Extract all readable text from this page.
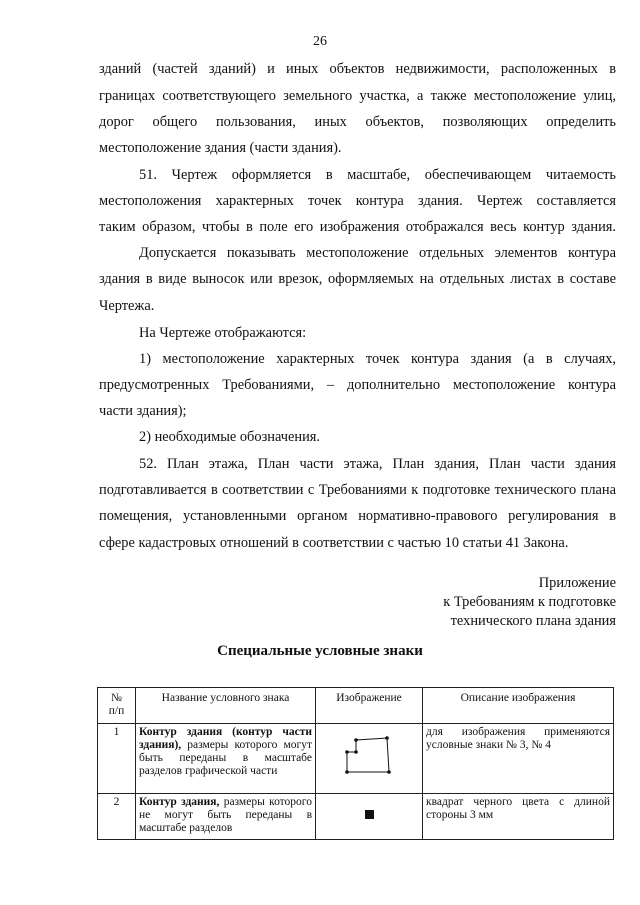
26
зданий (частей зданий) и иных объектов недвижимости, расположенных в
границах соответствующего земельного участка, а также местоположение улиц,
дорог общего пользования, иных объектов, позволяющих определить
местоположение здания (части здания).
51. Чертеж оформляется в масштабе, обеспечивающем читаемость
местоположения характерных точек контура здания. Чертеж составляется
таким образом, чтобы в поле его изображения отображался весь контур здания.
Допускается показывать местоположение отдельных элементов контура
здания в виде выносок или врезок, оформляемых на отдельных листах в составе
Чертежа.
На Чертеже отображаются:
1) местоположение характерных точек контура здания (а в случаях,
предусмотренных Требованиями, – дополнительно местоположение контура
части здания);
2) необходимые обозначения.
52. План этажа, План части этажа, План здания, План части здания
подготавливается в соответствии с Требованиями к подготовке технического плана
помещения, установленными органом нормативно-правового регулирования в
сфере кадастровых отношений в соответствии с частью 10 статьи 41 Закона.
Приложение
к Требованиям к подготовке
технического плана здания
Специальные условные знаки
№
п/п	Название условного знака	Изображение	Описание изображения
1	Контур здания (контур части здания), размеры которого могут быть переданы в масштабе разделов графической части		для изображения применяются условные знаки № 3, № 4
2	Контур здания, размеры которого не могут быть переданы в масштабе разделов		квадрат черного цвета с длиной стороны 3 мм
